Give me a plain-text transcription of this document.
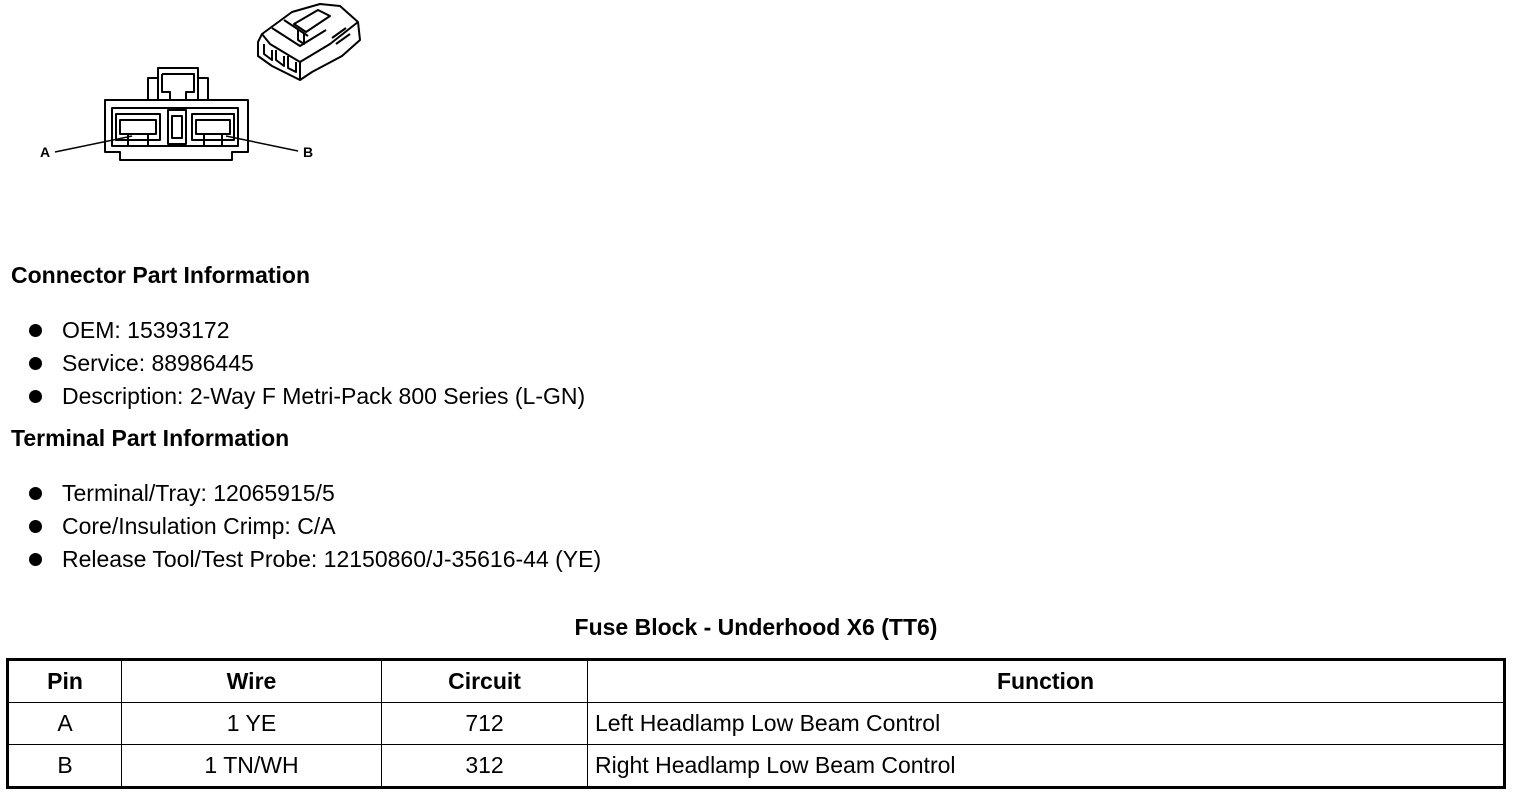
A	B
Connector Part Information
OEM: 15393172
Service: 88986445
Description: 2-Way F Metri-Pack 800 Series (L-GN)
Terminal Part Information
Terminal/Tray: 12065915/5
Core/Insulation Crimp: C/A
Release Tool/Test Probe: 12150860/J-35616-44 (YE)
Fuse Block - Underhood X6 (TT6)
Pin	Wire	Circuit	Function
A	1 YE	712	Left Headlamp Low Beam Control
B	1 TN/WH	312	Right Headlamp Low Beam Control
